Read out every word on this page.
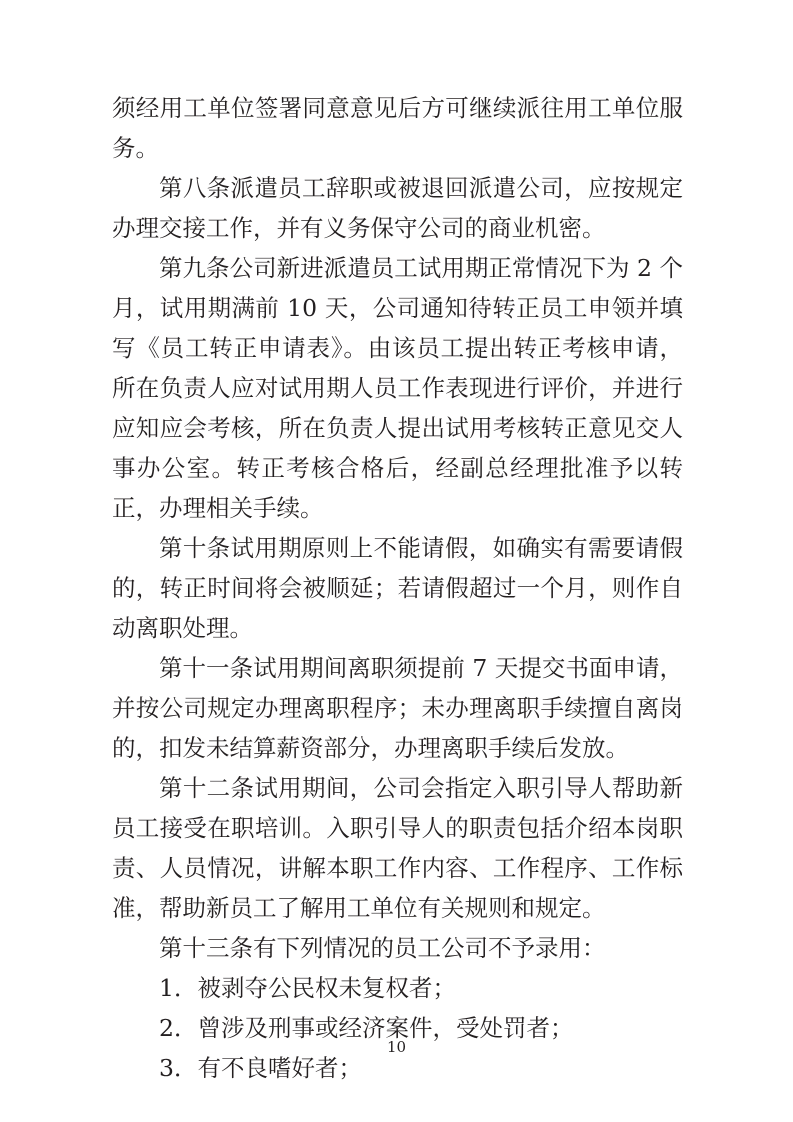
须经用工单位签署同意意见后方可继续派往用工单位服务。

第八条派遣员工辞职或被退回派遣公司，应按规定办理交接工作，并有义务保守公司的商业机密。

第九条公司新进派遣员工试用期正常情况下为 2 个月，试用期满前 10 天，公司通知待转正员工申领并填写《员工转正申请表》。由该员工提出转正考核申请，所在负责人应对试用期人员工作表现进行评价，并进行应知应会考核，所在负责人提出试用考核转正意见交人事办公室。转正考核合格后，经副总经理批准予以转正，办理相关手续。

第十条试用期原则上不能请假，如确实有需要请假的，转正时间将会被顺延；若请假超过一个月，则作自动离职处理。

第十一条试用期间离职须提前 7 天提交书面申请，并按公司规定办理离职程序；未办理离职手续擅自离岗的，扣发未结算薪资部分，办理离职手续后发放。

第十二条试用期间，公司会指定入职引导人帮助新员工接受在职培训。入职引导人的职责包括介绍本岗职责、人员情况，讲解本职工作内容、工作程序、工作标准，帮助新员工了解用工单位有关规则和规定。

第十三条有下列情况的员工公司不予录用：

1．被剥夺公民权未复权者；

2．曾涉及刑事或经济案件，受处罚者；

3．有不良嗜好者；

10
